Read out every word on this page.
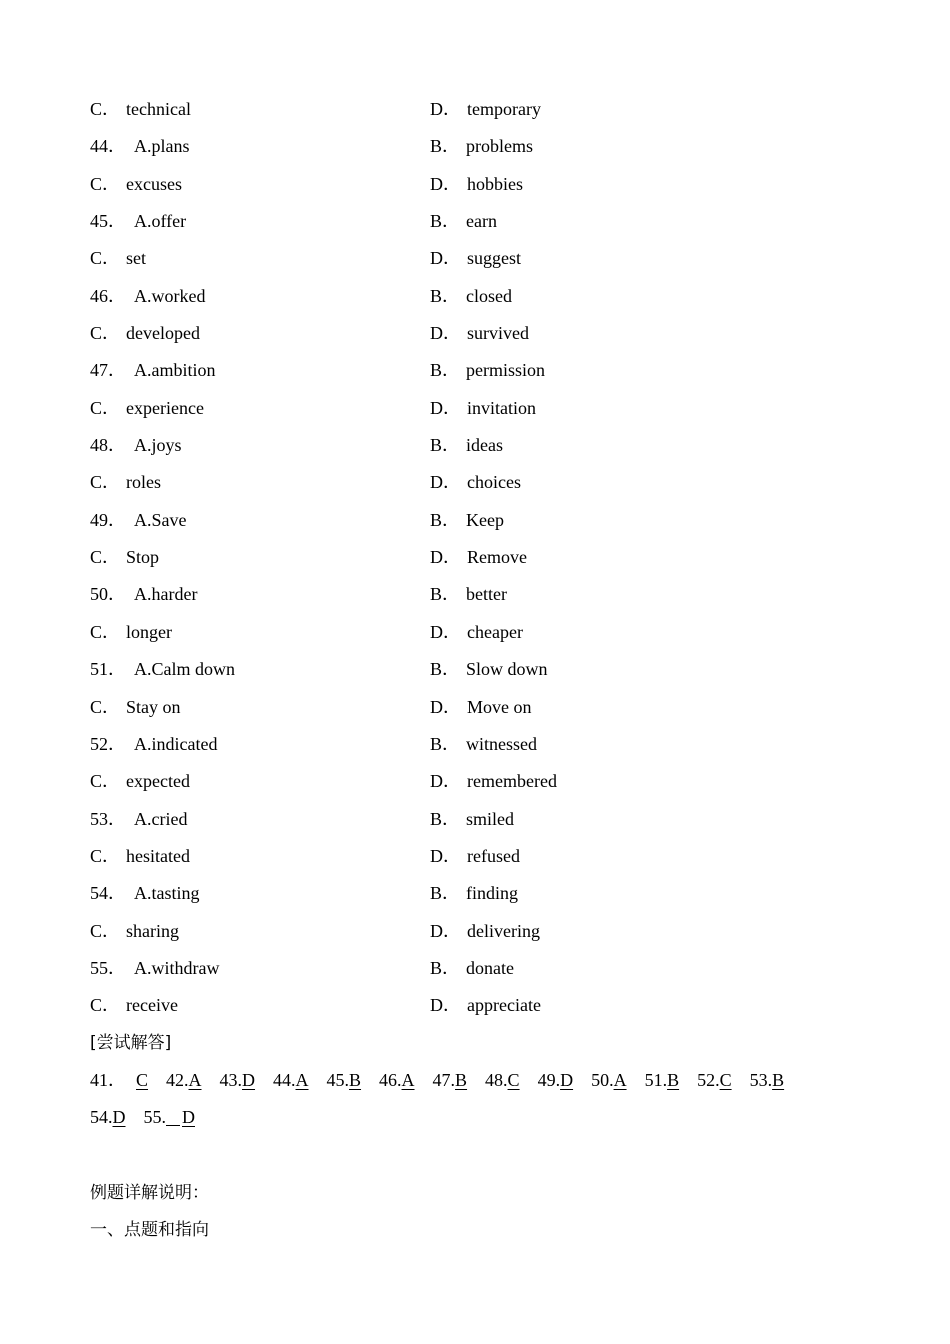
C． technical	D． temporary
44． A.plans	B． problems
C． excuses	D． hobbies
45． A.offer	B． earn
C． set	D． suggest
46． A.worked	B． closed
C． developed	D． survived
47． A.ambition	B． permission
C． experience	D． invitation
48． A.joys	B． ideas
C． roles	D． choices
49． A.Save	B． Keep
C． Stop	D． Remove
50． A.harder	B． better
C． longer	D． cheaper
51． A.Calm down	B． Slow down
C． Stay on	D． Move on
52． A.indicated	B． witnessed
C． expected	D． remembered
53． A.cried	B． smiled
C． hesitated	D． refused
54． A.tasting	B． finding
C． sharing	D． delivering
55． A.withdraw	B． donate
C． receive	D． appreciate
[尝试解答]
41． C 42.A 43.D 44.A 45.B 46.A 47.B 48.C 49.D 50.A 51.B 52.C 53.B
54.D 55. D
例题详解说明：
一、点题和指向
